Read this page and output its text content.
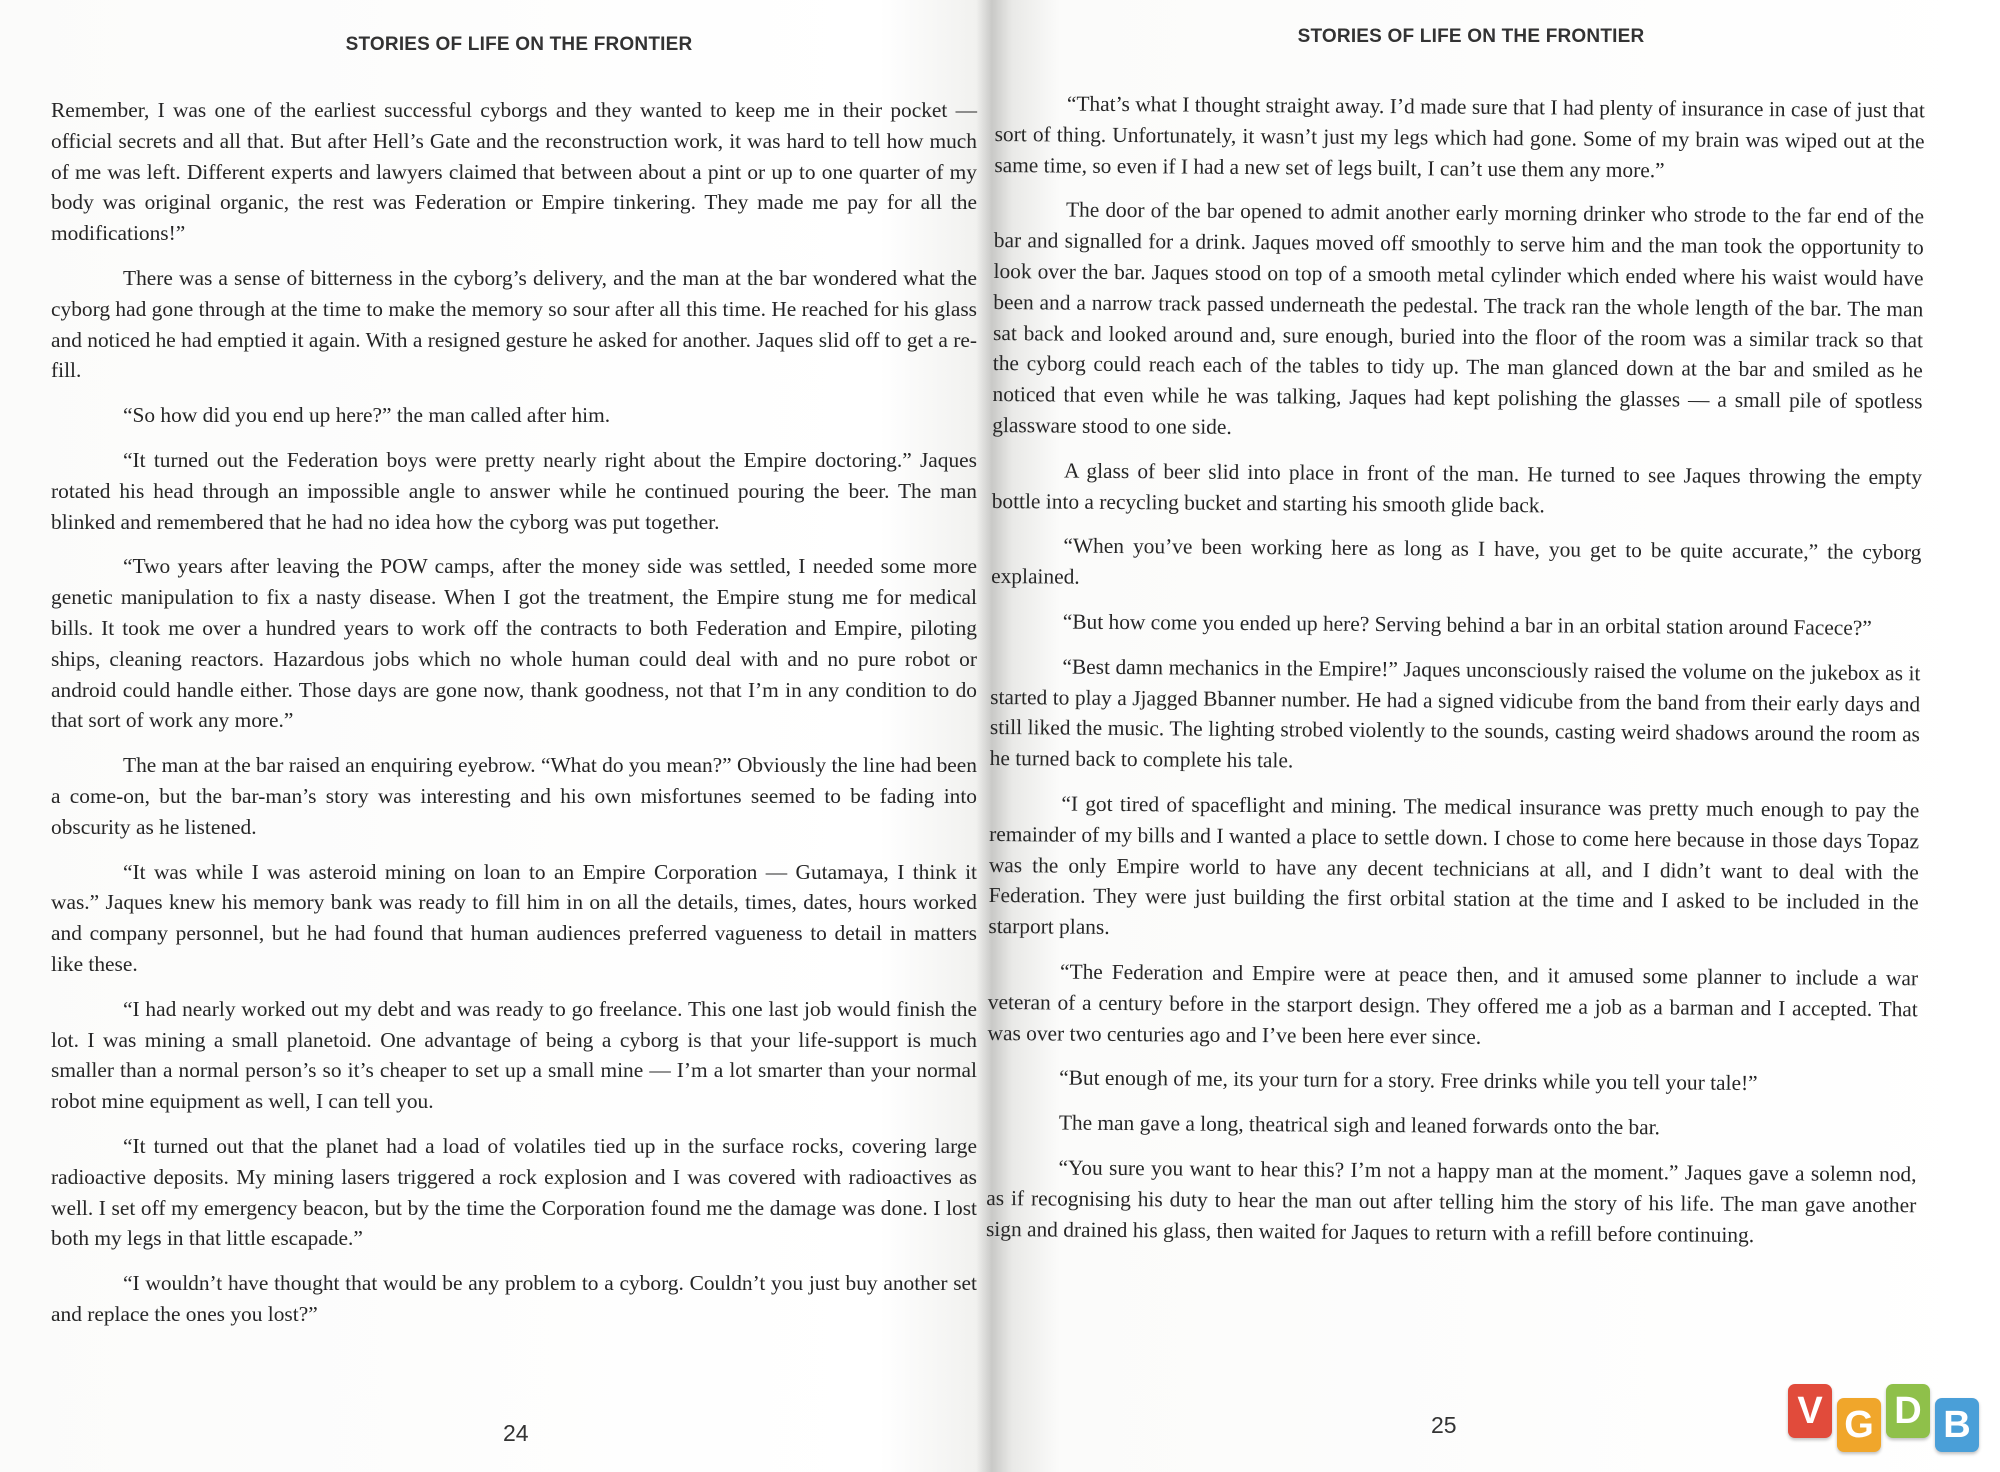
STORIES OF LIFE ON THE FRONTIER

Remember, I was one of the earliest successful cyborgs and they wanted to keep me in their pocket — official secrets and all that. But after Hell’s Gate and the reconstruction work, it was hard to tell how much of me was left. Different experts and lawyers claimed that between about a pint or up to one quarter of my body was original organic, the rest was Federation or Empire tinkering. They made me pay for all the modifications!”

There was a sense of bitterness in the cyborg’s delivery, and the man at the bar wondered what the cyborg had gone through at the time to make the memory so sour after all this time. He reached for his glass and noticed he had emptied it again. With a resigned gesture he asked for another. Jaques slid off to get a re-fill.

“So how did you end up here?” the man called after him.

“It turned out the Federation boys were pretty nearly right about the Empire doctoring.” Jaques rotated his head through an impossible angle to answer while he continued pouring the beer. The man blinked and remembered that he had no idea how the cyborg was put together.

“Two years after leaving the POW camps, after the money side was settled, I needed some more genetic manipulation to fix a nasty disease. When I got the treatment, the Empire stung me for medical bills. It took me over a hundred years to work off the contracts to both Federation and Empire, piloting ships, cleaning reactors. Hazardous jobs which no whole human could deal with and no pure robot or android could handle either. Those days are gone now, thank goodness, not that I’m in any condition to do that sort of work any more.”

The man at the bar raised an enquiring eyebrow. “What do you mean?” Obviously the line had been a come-on, but the bar-man’s story was interesting and his own misfortunes seemed to be fading into obscurity as he listened.

“It was while I was asteroid mining on loan to an Empire Corporation — Gutamaya, I think it was.” Jaques knew his memory bank was ready to fill him in on all the details, times, dates, hours worked and company personnel, but he had found that human audiences preferred vagueness to detail in matters like these.

“I had nearly worked out my debt and was ready to go freelance. This one last job would finish the lot. I was mining a small planetoid. One advantage of being a cyborg is that your life-support is much smaller than a normal person’s so it’s cheaper to set up a small mine — I’m a lot smarter than your normal robot mine equipment as well, I can tell you.

“It turned out that the planet had a load of volatiles tied up in the surface rocks, covering large radioactive deposits. My mining lasers triggered a rock explosion and I was covered with radioactives as well. I set off my emergency beacon, but by the time the Corporation found me the damage was done. I lost both my legs in that little escapade.”

“I wouldn’t have thought that would be any problem to a cyborg. Couldn’t you just buy another set and replace the ones you lost?”

24
STORIES OF LIFE ON THE FRONTIER

“That’s what I thought straight away. I’d made sure that I had plenty of insurance in case of just that sort of thing. Unfortunately, it wasn’t just my legs which had gone. Some of my brain was wiped out at the same time, so even if I had a new set of legs built, I can’t use them any more.”

The door of the bar opened to admit another early morning drinker who strode to the far end of the bar and signalled for a drink. Jaques moved off smoothly to serve him and the man took the opportunity to look over the bar. Jaques stood on top of a smooth metal cylinder which ended where his waist would have been and a narrow track passed underneath the pedestal. The track ran the whole length of the bar. The man sat back and looked around and, sure enough, buried into the floor of the room was a similar track so that the cyborg could reach each of the tables to tidy up. The man glanced down at the bar and smiled as he noticed that even while he was talking, Jaques had kept polishing the glasses — a small pile of spotless glassware stood to one side.

A glass of beer slid into place in front of the man. He turned to see Jaques throwing the empty bottle into a recycling bucket and starting his smooth glide back.

“When you’ve been working here as long as I have, you get to be quite accurate,” the cyborg explained.

“But how come you ended up here? Serving behind a bar in an orbital station around Facece?”

“Best damn mechanics in the Empire!” Jaques unconsciously raised the volume on the jukebox as it started to play a Jjagged Bbanner number. He had a signed vidicube from the band from their early days and still liked the music. The lighting strobed violently to the sounds, casting weird shadows around the room as he turned back to complete his tale.

“I got tired of spaceflight and mining. The medical insurance was pretty much enough to pay the remainder of my bills and I wanted a place to settle down. I chose to come here because in those days Topaz was the only Empire world to have any decent technicians at all, and I didn’t want to deal with the Federation. They were just building the first orbital station at the time and I asked to be included in the starport plans.

“The Federation and Empire were at peace then, and it amused some planner to include a war veteran of a century before in the starport design. They offered me a job as a barman and I accepted. That was over two centuries ago and I’ve been here ever since.

“But enough of me, its your turn for a story. Free drinks while you tell your tale!”

The man gave a long, theatrical sigh and leaned forwards onto the bar.

“You sure you want to hear this? I’m not a happy man at the moment.” Jaques gave a solemn nod, as if recognising his duty to hear the man out after telling him the story of his life. The man gave another sign and drained his glass, then waited for Jaques to return with a refill before continuing.

25	V G D B
